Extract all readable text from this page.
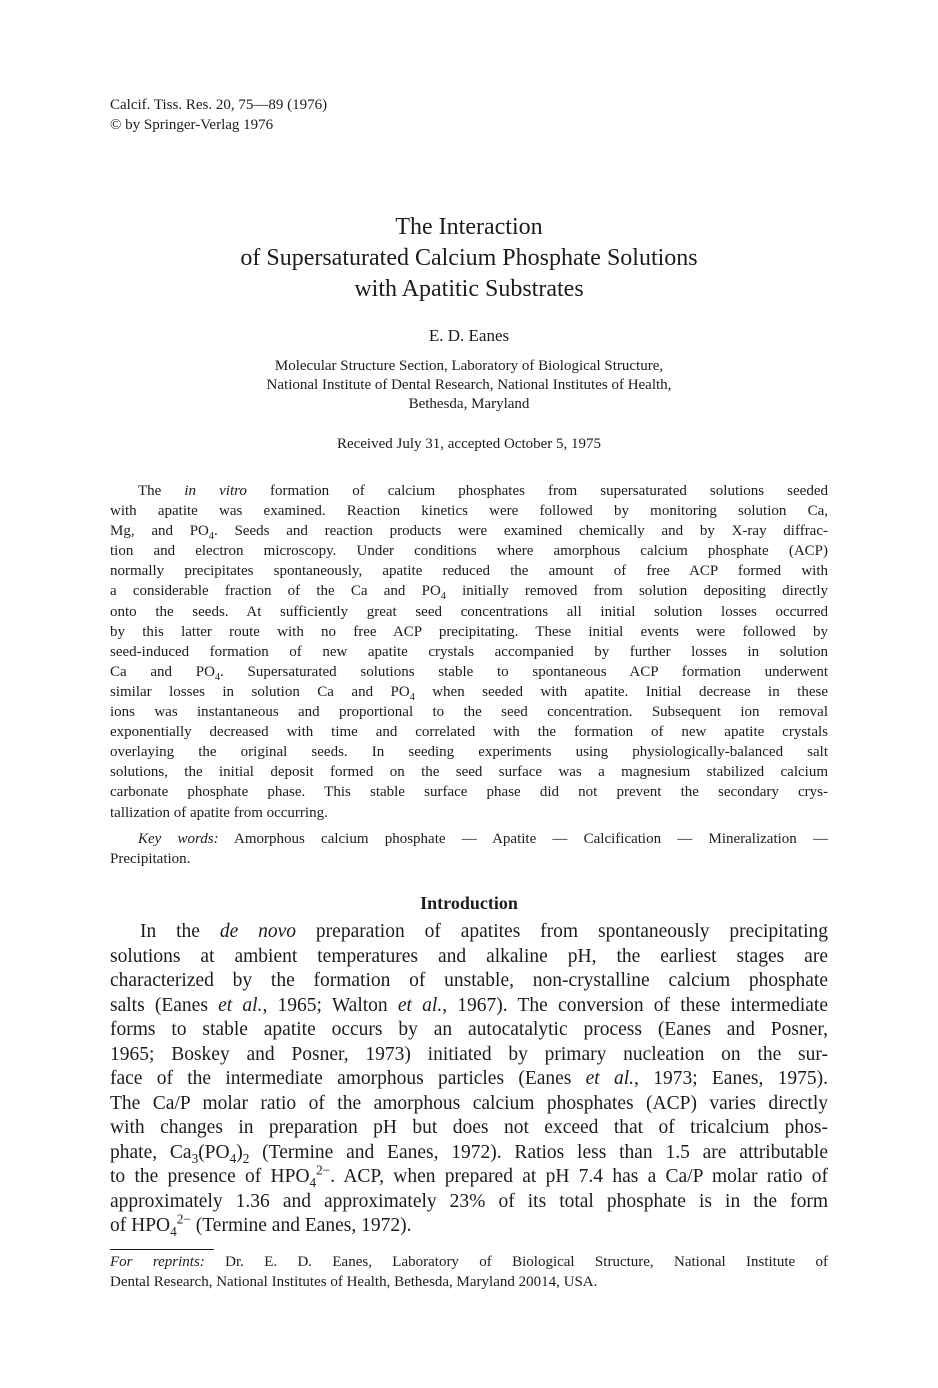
Calcif. Tiss. Res. 20, 75—89 (1976)
© by Springer-Verlag 1976
The Interaction
of Supersaturated Calcium Phosphate Solutions
with Apatitic Substrates
E. D. Eanes
Molecular Structure Section, Laboratory of Biological Structure,
National Institute of Dental Research, National Institutes of Health,
Bethesda, Maryland
Received July 31, accepted October 5, 1975
The in vitro formation of calcium phosphates from supersaturated solutions seeded
with apatite was examined. Reaction kinetics were followed by monitoring solution Ca,
Mg, and $PO_4$. Seeds and reaction products were examined chemically and by X-ray diffrac-
tion and electron microscopy. Under conditions where amorphous calcium phosphate (ACP)
normally precipitates spontaneously, apatite reduced the amount of free ACP formed with
a considerable fraction of the Ca and $PO_4$ initially removed from solution depositing directly
onto the seeds. At sufficiently great seed concentrations all initial solution losses occurred
by this latter route with no free ACP precipitating. These initial events were followed by
seed-induced formation of new apatite crystals accompanied by further losses in solution
Ca and $PO_4$. Supersaturated solutions stable to spontaneous ACP formation underwent
similar losses in solution Ca and $PO_4$ when seeded with apatite. Initial decrease in these
ions was instantaneous and proportional to the seed concentration. Subsequent ion removal
exponentially decreased with time and correlated with the formation of new apatite crystals
overlaying the original seeds. In seeding experiments using physiologically-balanced salt
solutions, the initial deposit formed on the seed surface was a magnesium stabilized calcium
carbonate phosphate phase. This stable surface phase did not prevent the secondary crys-
tallization of apatite from occurring.
Key words: Amorphous calcium phosphate — Apatite — Calcification — Mineralization —
Precipitation.
Introduction
In the de novo preparation of apatites from spontaneously precipitating
solutions at ambient temperatures and alkaline pH, the earliest stages are
characterized by the formation of unstable, non-crystalline calcium phosphate
salts (Eanes et al., 1965; Walton et al., 1967). The conversion of these intermediate
forms to stable apatite occurs by an autocatalytic process (Eanes and Posner,
1965; Boskey and Posner, 1973) initiated by primary nucleation on the sur-
face of the intermediate amorphous particles (Eanes et al., 1973; Eanes, 1975).
The Ca/P molar ratio of the amorphous calcium phosphates (ACP) varies directly
with changes in preparation pH but does not exceed that of tricalcium phos-
phate, $Ca_3(PO_4)_2$ (Termine and Eanes, 1972). Ratios less than 1.5 are attributable
to the presence of $HPO_4^{2-}$. ACP, when prepared at pH 7.4 has a Ca/P molar ratio of
approximately 1.36 and approximately 23% of its total phosphate is in the form
of $HPO_4^{2-}$ (Termine and Eanes, 1972).
For reprints: Dr. E. D. Eanes, Laboratory of Biological Structure, National Institute of
Dental Research, National Institutes of Health, Bethesda, Maryland 20014, USA.
